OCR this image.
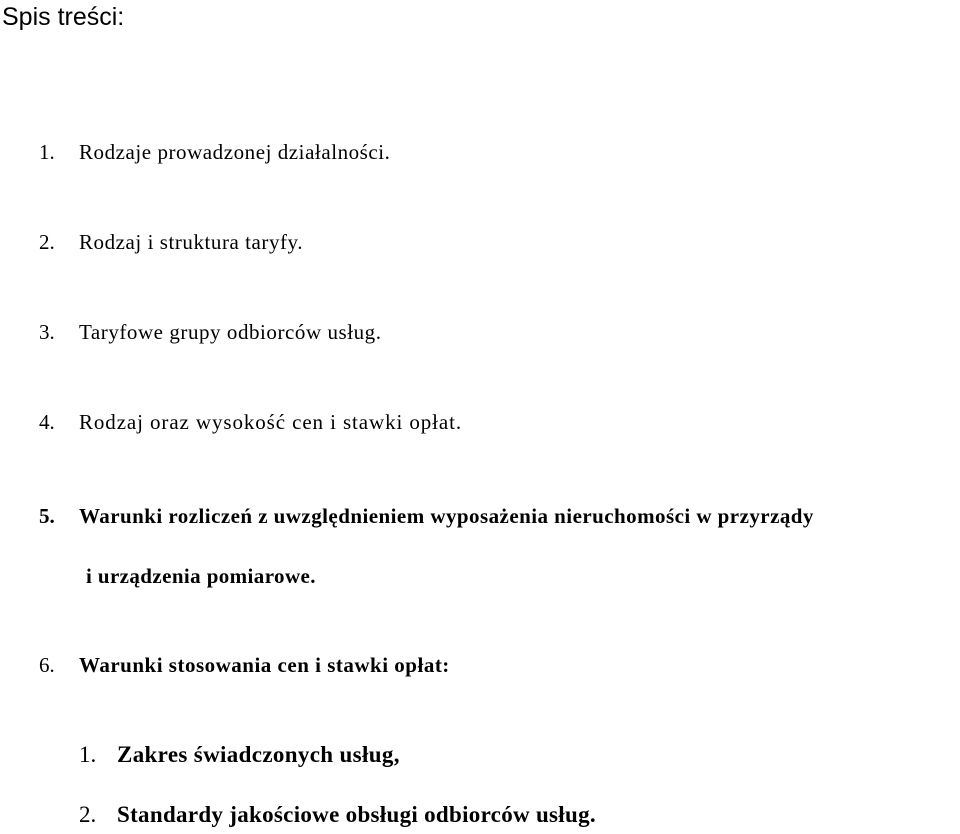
Spis treści:
1. Rodzaje prowadzonej działalności.
2. Rodzaj i struktura taryfy.
3. Taryfowe grupy odbiorców usług.
4. Rodzaj oraz wysokość cen i stawki opłat.
5. Warunki rozliczeń z uwzględnieniem wyposażenia nieruchomości w przyrządy
i urządzenia pomiarowe.
6. Warunki stosowania cen i stawki opłat:
1. Zakres świadczonych usług,
2. Standardy jakościowe obsługi odbiorców usług.
